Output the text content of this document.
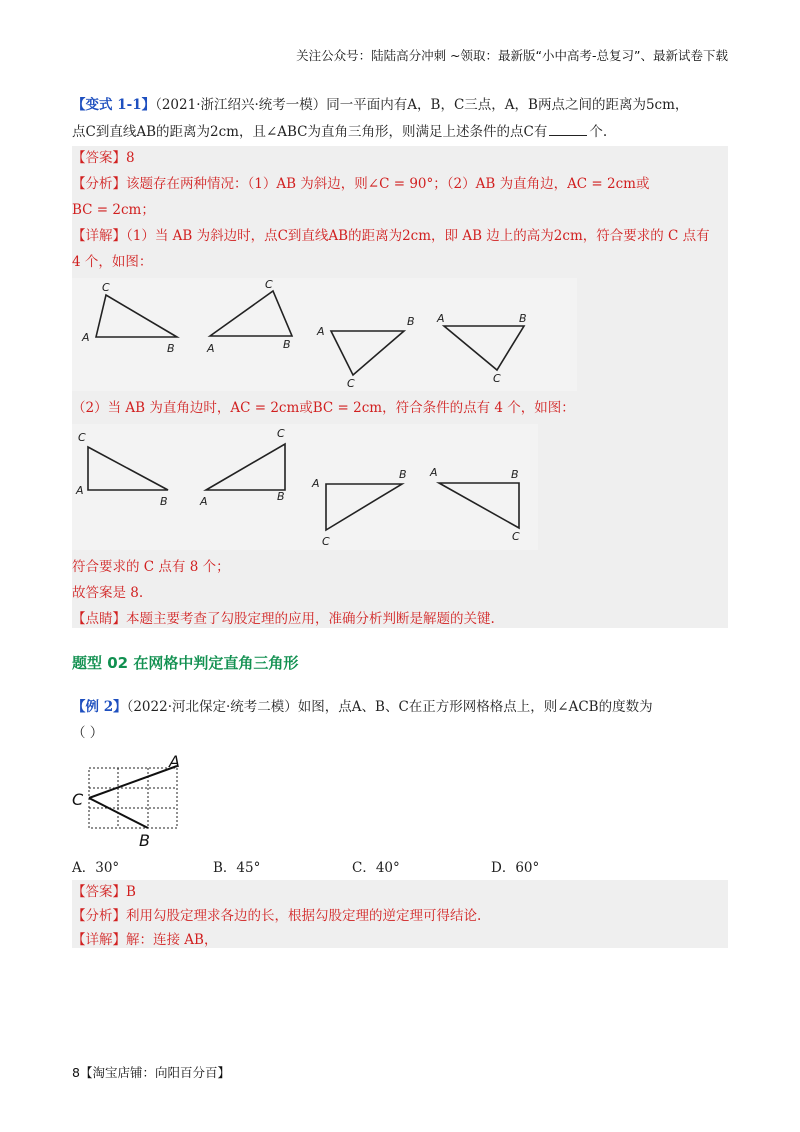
关注公众号：陆陆高分冲刺 ~领取：最新版“小中高考-总复习”、最新试卷下载
【变式 1-1】（2021·浙江绍兴·统考一模）同一平面内有A，B，C三点，A，B两点之间的距离为5cm，
点C到直线AB的距离为2cm，且∠ABC为直角三角形，则满足上述条件的点C有	个.
【答案】8
【分析】该题存在两种情况：（1）AB 为斜边，则∠C = 90°；（2）AB 为直角边，AC = 2cm或
BC = 2cm；
【详解】（1）当 AB 为斜边时，点C到直线AB的距离为2cm，即 AB 边上的高为2cm，符合要求的 C 点有
4 个，如图：
A
C
B	A
C
B
A
B
C
A	B
C
（2）当 AB 为直角边时，AC = 2cm或BC = 2cm，符合条件的点有 4 个，如图：
C
A
B	A
C
B
A
B
C
A	B
C
符合要求的 C 点有 8 个；
故答案是 8.
【点睛】本题主要考查了勾股定理的应用，准确分析判断是解题的关键.
题型 02 在网格中判定直角三角形
【例 2】（2022·河北保定·统考二模）如图，点A、B、C在正方形网格格点上，则∠ACB的度数为
（ ）
A
C
B
A．30°	B．45°	C．40°	D．60°
【答案】B
【分析】利用勾股定理求各边的长，根据勾股定理的逆定理可得结论.
【详解】解：连接 AB，
8【淘宝店铺：向阳百分百】
